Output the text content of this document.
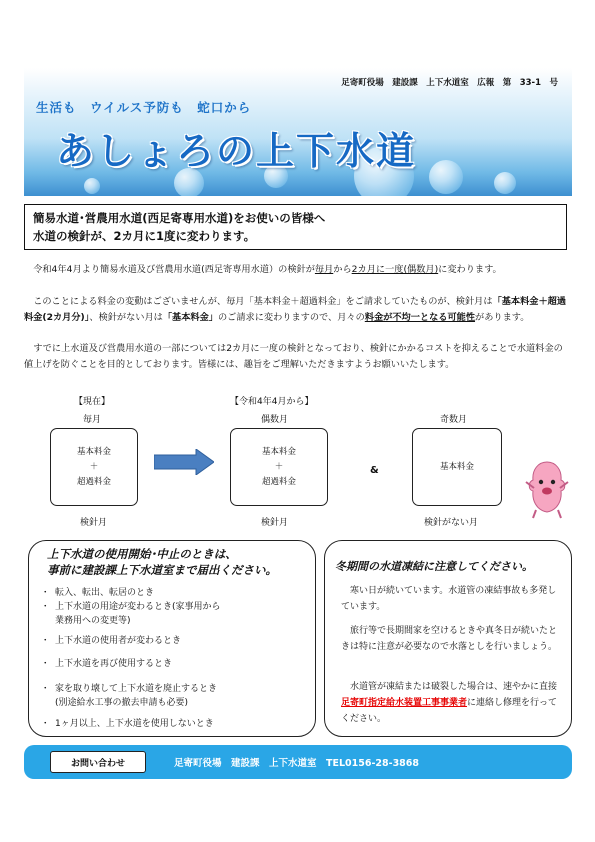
足寄町役場　建設課　上下水道室　広報　第　33-1　号
生活も　ウイルス予防も　蛇口から
あしょろの上下水道
簡易水道･営農用水道(西足寄専用水道)をお使いの皆様へ
水道の検針が、2カ月に1度に変わります。
令和4年4月より簡易水道及び営農用水道(西足寄専用水道）の検針が毎月から2カ月に一度(偶数月)に変わります。
このことによる料金の変動はございませんが、毎月「基本料金＋超過料金」をご請求していたものが、検針月は「基本料金＋超過料金(2カ月分)」、検針がない月は「基本料金」のご請求に変わりますので、月々の料金が不均一となる可能性があります。
すでに上水道及び営農用水道の一部については2カ月に一度の検針となっており、検針にかかるコストを抑えることで水道料金の値上げを防ぐことを目的としております。皆様には、趣旨をご理解いただきますようお願いいたします。
【現在】	【令和4年4月から】
毎月	偶数月	奇数月
基本料金
＋
超過料金
基本料金
＋
超過料金
&	基本料金
検針月	検針月	検針がない月
上下水道の使用開始･中止のときは、
事前に建設課上下水道室まで届出ください。
･ 転入、転出、転居のとき
･ 上下水道の用途が変わるとき(家事用から
業務用への変更等)
･ 上下水道の使用者が変わるとき
･ 上下水道を再び使用するとき
･ 家を取り壊して上下水道を廃止するとき
(別途給水工事の撤去申請も必要)
･ 1ヶ月以上、上下水道を使用しないとき
冬期間の水道凍結に注意してください。
寒い日が続いています。水道管の凍結事故も多発しています。
旅行等で長期間家を空けるときや真冬日が続いたときは特に注意が必要なので水落としを行いましょう。
水道管が凍結または破裂した場合は、速やかに直接足寄町指定給水装置工事事業者に連絡し修理を行ってください。
お問い合わせ	足寄町役場　建設課　上下水道室　TEL0156-28-3868
